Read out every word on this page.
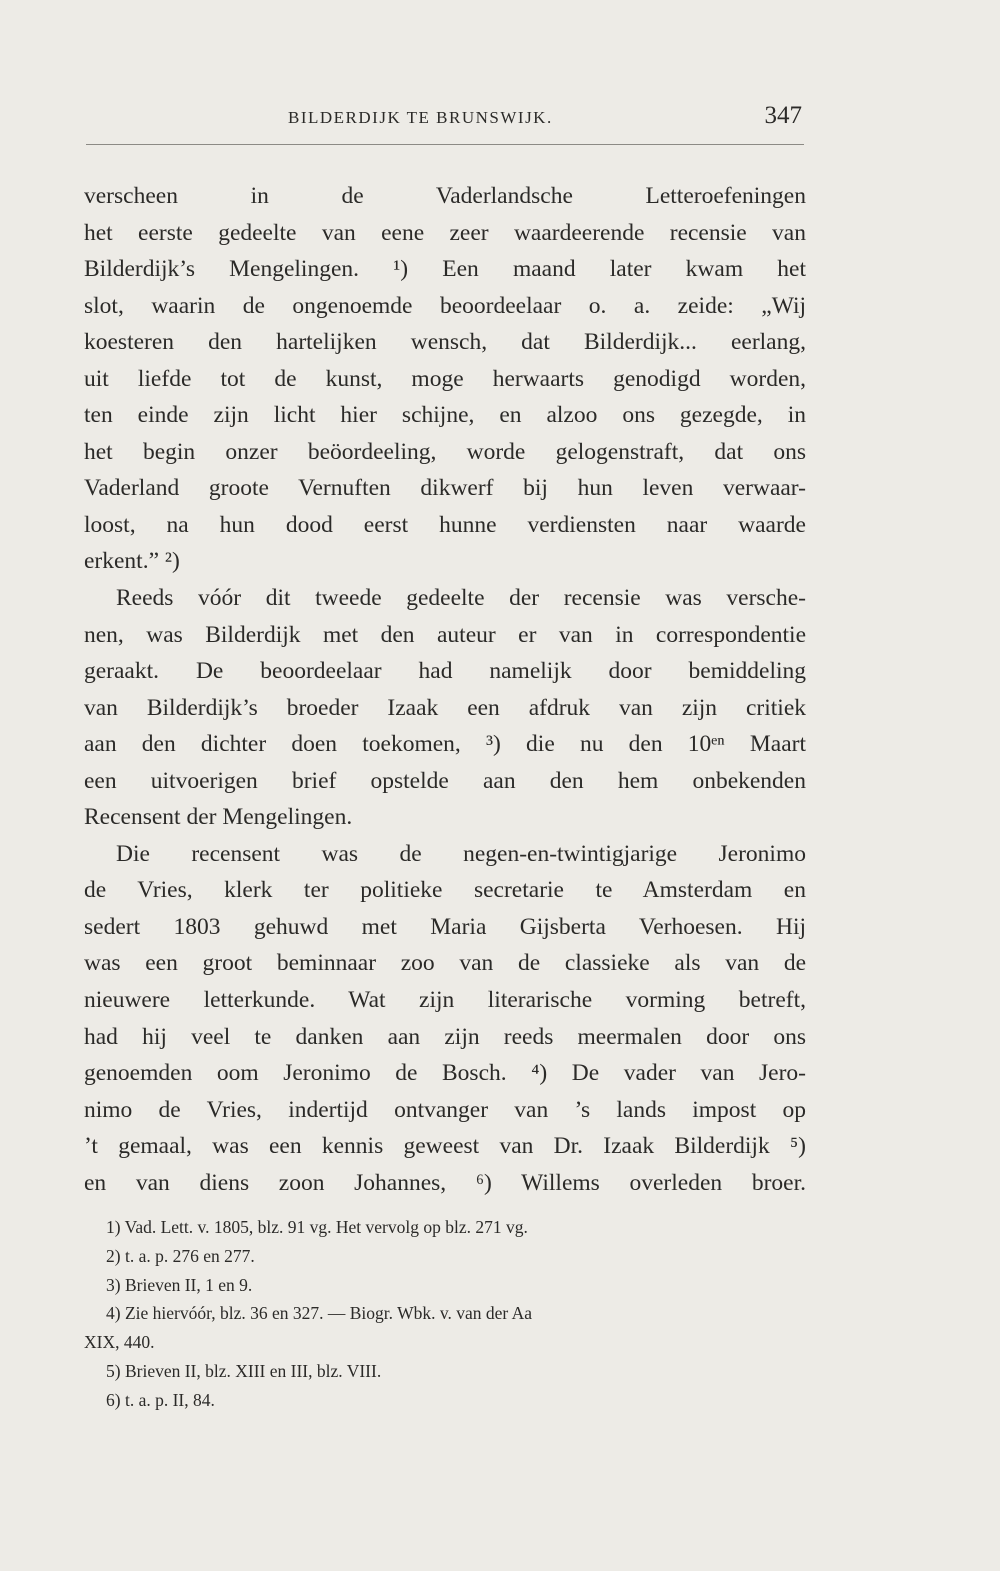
BILDERDIJK TE BRUNSWIJK.	347
verscheen in de Vaderlandsche Letteroefeningen
het eerste gedeelte van eene zeer waardeerende recensie van
Bilderdijk’s Mengelingen. ¹) Een maand later kwam het
slot, waarin de ongenoemde beoordeelaar o. a. zeide: „Wij
koesteren den hartelijken wensch, dat Bilderdijk... eerlang,
uit liefde tot de kunst, moge herwaarts genodigd worden,
ten einde zijn licht hier schijne, en alzoo ons gezegde, in
het begin onzer beöordeeling, worde gelogenstraft, dat ons
Vaderland groote Vernuften dikwerf bij hun leven verwaar-
loost, na hun dood eerst hunne verdiensten naar waarde
erkent.” ²)
Reeds vóór dit tweede gedeelte der recensie was versche-
nen, was Bilderdijk met den auteur er van in correspondentie
geraakt. De beoordeelaar had namelijk door bemiddeling
van Bilderdijk’s broeder Izaak een afdruk van zijn critiek
aan den dichter doen toekomen, ³) die nu den 10ᵉⁿ Maart
een uitvoerigen brief opstelde aan den hem onbekenden
Recensent der Mengelingen.
Die recensent was de negen-en-twintigjarige Jeronimo
de Vries, klerk ter politieke secretarie te Amsterdam en
sedert 1803 gehuwd met Maria Gijsberta Verhoesen. Hij
was een groot beminnaar zoo van de classieke als van de
nieuwere letterkunde. Wat zijn literarische vorming betreft,
had hij veel te danken aan zijn reeds meermalen door ons
genoemden oom Jeronimo de Bosch. ⁴) De vader van Jero-
nimo de Vries, indertijd ontvanger van ’s lands impost op
’t gemaal, was een kennis geweest van Dr. Izaak Bilderdijk ⁵)
en van diens zoon Johannes, ⁶) Willems overleden broer.
1) Vad. Lett. v. 1805, blz. 91 vg. Het vervolg op blz. 271 vg.
2) t. a. p. 276 en 277.
3) Brieven II, 1 en 9.
4) Zie hiervóór, blz. 36 en 327. — Biogr. Wbk. v. van der Aa
XIX, 440.
5) Brieven II, blz. XIII en III, blz. VIII.
6) t. a. p. II, 84.
